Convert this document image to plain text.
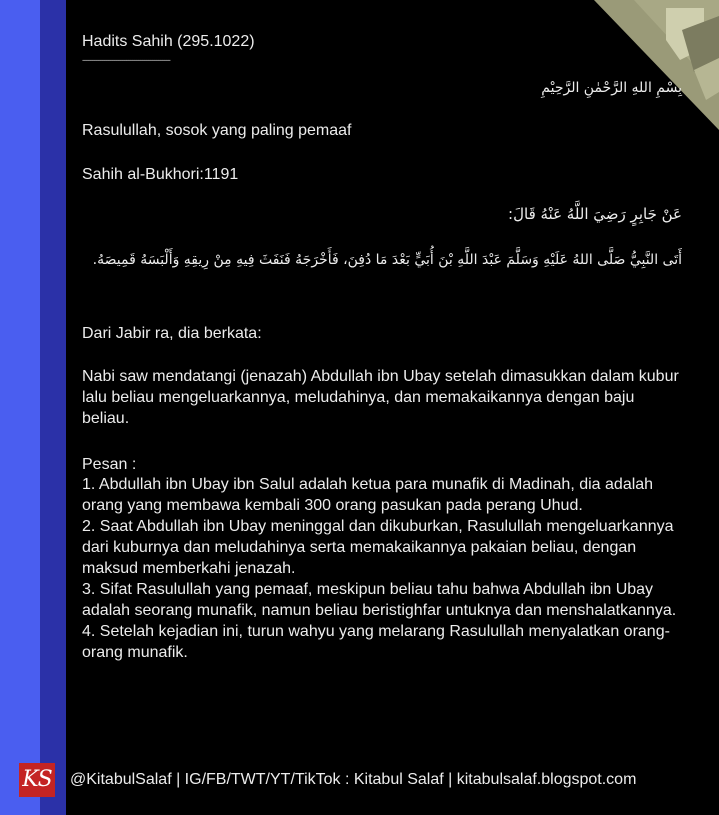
Hadits Sahih (295.1022)
--------------------------------------------
بِسْمِ اللهِ الرَّحْمٰنِ الرَّحِيْمِ

Rasulullah, sosok yang paling pemaaf

Sahih al-Bukhori:1191

عَنْ جَابِرٍ رَضِيَ اللَّهُ عَنْهُ قَالَ:
أَتَى النَّبِيُّ صَلَّى اللهُ عَلَيْهِ وَسَلَّمَ عَبْدَ اللَّهِ بْنَ أُبَيٍّ بَعْدَ مَا دُفِنَ، فَأَخْرَجَهُ فَنَفَثَ فِيهِ مِنْ رِيقِهِ وَأَلْبَسَهُ قَمِيصَهُ.

Dari Jabir ra, dia berkata:

Nabi saw mendatangi (jenazah) Abdullah ibn Ubay setelah dimasukkan dalam kubur lalu beliau mengeluarkannya, meludahinya, dan memakaikannya dengan baju beliau.

Pesan :

1. Abdullah ibn Ubay ibn Salul adalah ketua para munafik di Madinah, dia adalah orang yang membawa kembali 300 orang pasukan pada perang Uhud.
2. Saat Abdullah ibn Ubay meninggal dan dikuburkan, Rasulullah mengeluarkannya dari kuburnya dan meludahinya serta memakaikannya pakaian beliau, dengan maksud memberkahi jenazah.
3. Sifat Rasulullah yang pemaaf, meskipun beliau tahu bahwa Abdullah ibn Ubay adalah seorang munafik, namun beliau beristighfar untuknya dan menshalatkannya.
4. Setelah kejadian ini, turun wahyu yang melarang Rasulullah menyalatkan orang-orang munafik.
KS @KitabulSalaf | IG/FB/TWT/YT/TikTok : Kitabul Salaf | kitabulsalaf.blogspot.com
